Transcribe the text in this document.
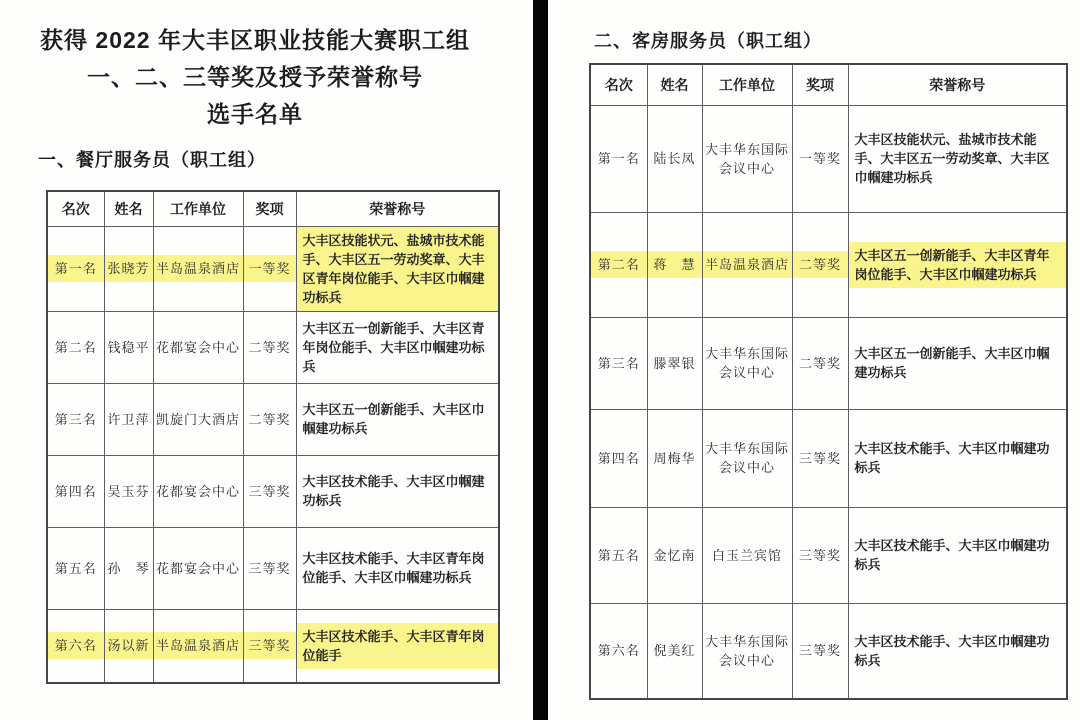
获得 2022 年大丰区职业技能大赛职工组
一、二、三等奖及授予荣誉称号
选手名单
一、餐厅服务员（职工组）
名次	姓名	工作单位	奖项	荣誉称号

第一名	张晓芳	半岛温泉酒店	一等奖	大丰区技能状元、盐城市技术能手、大丰区五一劳动奖章、大丰区青年岗位能手、大丰区巾帼建功标兵

第二名	钱稳平	花都宴会中心	二等奖	大丰区五一创新能手、大丰区青年岗位能手、大丰区巾帼建功标兵

第三名	许卫萍	凯旋门大酒店	二等奖	大丰区五一创新能手、大丰区巾帼建功标兵

第四名	吴玉芬	花都宴会中心	三等奖	大丰区技术能手、大丰区巾帼建功标兵

第五名	孙　琴	花都宴会中心	三等奖	大丰区技术能手、大丰区青年岗位能手、大丰区巾帼建功标兵

第六名	汤以新	半岛温泉酒店	三等奖	大丰区技术能手、大丰区青年岗位能手
二、客房服务员（职工组）
名次	姓名	工作单位	奖项	荣誉称号

第一名	陆长凤	大丰华东国际会议中心	一等奖	大丰区技能状元、盐城市技术能手、大丰区五一劳动奖章、大丰区巾帼建功标兵

第二名	蒋　慧	半岛温泉酒店	二等奖	大丰区五一创新能手、大丰区青年岗位能手、大丰区巾帼建功标兵

第三名	滕翠银	大丰华东国际会议中心	二等奖	大丰区五一创新能手、大丰区巾帼建功标兵

第四名	周梅华	大丰华东国际会议中心	三等奖	大丰区技术能手、大丰区巾帼建功标兵

第五名	金忆南	白玉兰宾馆	三等奖	大丰区技术能手、大丰区巾帼建功标兵

第六名	倪美红	大丰华东国际会议中心	三等奖	大丰区技术能手、大丰区巾帼建功标兵
